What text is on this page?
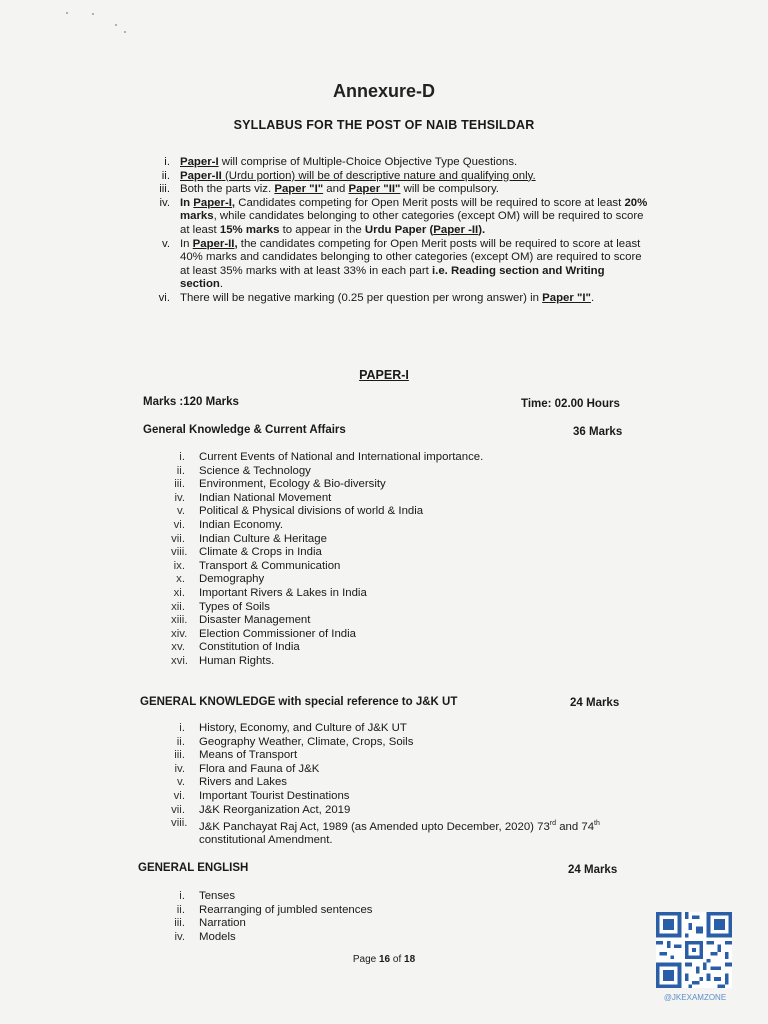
Annexure-D
SYLLABUS FOR THE POST OF NAIB TEHSILDAR
i. Paper-I will comprise of Multiple-Choice Objective Type Questions.
ii. Paper-II (Urdu portion) will be of descriptive nature and qualifying only.
iii. Both the parts viz. Paper "I" and Paper "II" will be compulsory.
iv. In Paper-I, Candidates competing for Open Merit posts will be required to score at least 20% marks, while candidates belonging to other categories (except OM) will be required to score at least 15% marks to appear in the Urdu Paper (Paper -II).
v. In Paper-II, the candidates competing for Open Merit posts will be required to score at least 40% marks and candidates belonging to other categories (except OM) are required to score at least 35% marks with at least 33% in each part i.e. Reading section and Writing section.
vi. There will be negative marking (0.25 per question per wrong answer) in Paper "I".
PAPER-I
Marks :120 Marks	Time: 02.00 Hours
General Knowledge & Current Affairs	36 Marks
i.	Current Events of National and International importance.
ii.	Science & Technology
iii.	Environment, Ecology & Bio-diversity
iv.	Indian National Movement
v.	Political & Physical divisions of world & India
vi.	Indian Economy.
vii.	Indian Culture & Heritage
viii.	Climate & Crops in India
ix.	Transport & Communication
x.	Demography
xi.	Important Rivers & Lakes in India
xii.	Types of Soils
xiii.	Disaster Management
xiv.	Election Commissioner of India
xv.	Constitution of India
xvi. Human Rights.
GENERAL KNOWLEDGE with special reference to J&K UT	24 Marks
i.	History, Economy, and Culture of J&K UT
ii.	Geography Weather, Climate, Crops, Soils
iii.	Means of Transport
iv.	Flora and Fauna of J&K
v.	Rivers and Lakes
vi.	Important Tourist Destinations
vii.	J&K Reorganization Act, 2019
viii.	J&K Panchayat Raj Act, 1989 (as Amended upto December, 2020) 73rd and 74th
constitutional Amendment.
GENERAL ENGLISH	24 Marks
i.	Tenses
ii.	Rearranging of jumbled sentences
iii.	Narration
iv.	Models
Page 16 of 18
@JKEXAMZONE
